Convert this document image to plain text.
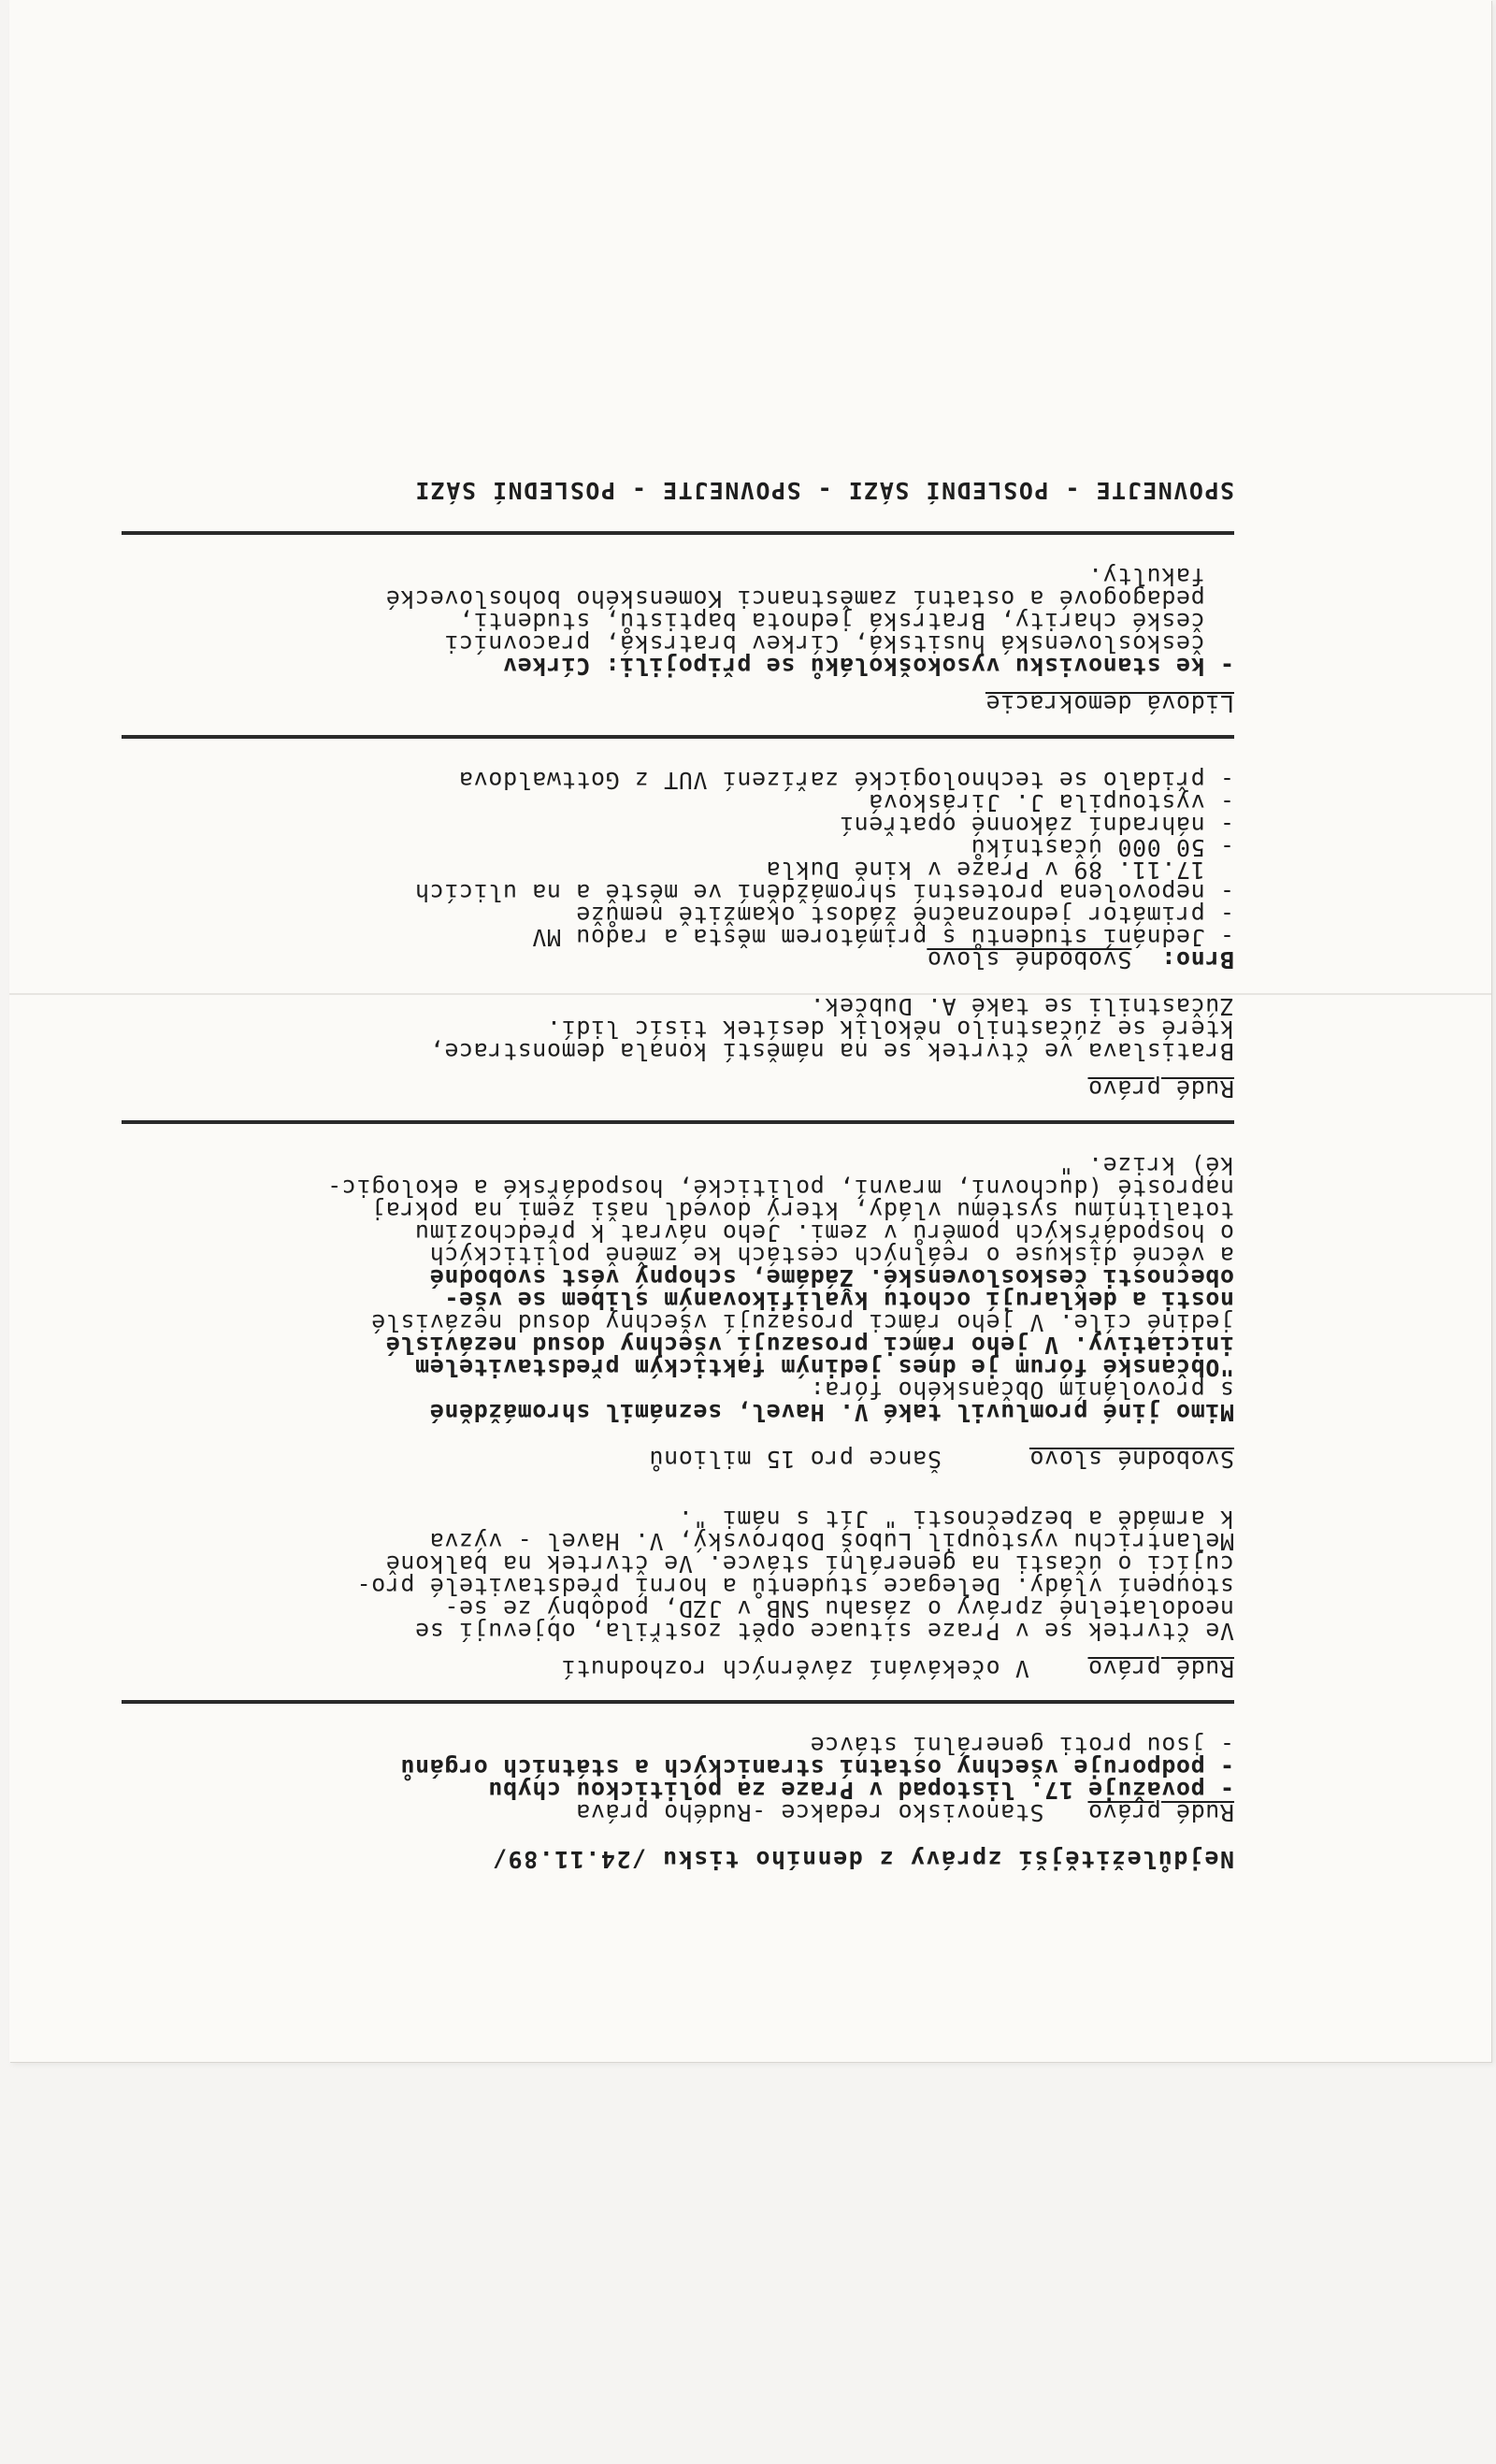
Nejdůležitější zprávy z denního tisku /24.11.89/
Rudé právo   Stanovisko redakce -Rudého práva
- považuje 17. listopad v Praze za politickou chybu
- podporuje všechny ostatní stranických a státních orgánů
- jsou proti generální stávce
Rudé právo    V očekávání závěrných rozhodnutí
Ve čtvrtek se v Praze situace opět zostřila, objevují se
neodolatelné zprávy o zásahu SNB v JZD, podobný ze se-
stoupení vlády. Delegace studentů a horní představitelé pro-
cujíci o účasti na generální stávce. Ve čtvrtek na balkoně
Melantrichu vystoupil Luboš Dobrovský, V. Havel - výzva
k armádě a bezpečnosti " Jít s námi ".
Svobodné slovo      Šance pro 15 milionů
Mimo jiné promluvil také V. Havel, seznámil shromážděné
s provoláním Občanského fóra:
"Občanské fórum je dnes jediným faktickým představitelem
iniciativy. V jeho rámci prosazují všechny dosud nezávislé
jediné cíle. V jeho rámci prosazují všechny dosud nezávislé
nosti a deklarují ochotu kvalifikovaným slibem se vše-
obecnosti československé. Žádáme, schopný vést svobodné
a věcné diskuse o reálných cestách ke změně politických
o hospodářských poměrů v zemi. Jeho návrat k předchozímu
totalitnímu systému vlády, který dovedl naši zemi na pokraj
naprosté (duchovní, mravní, politické, hospodářské a ekologic-
ké) krize. "
Rudé právo
Bratislava ve čtvrtek se na náměstí konala demonstrace,
které se zúčastnilo několik desítek tisíc lidí.
Zúčastnili se také A. Dubček.
Brno:  Svobodné slovo
- Jednání studentů s primátorem města a radou MV
- primátor jednoznačně žádost okamžitě nemůže
- nepovolena protestní shromáždění ve městě a na ulicích
17.11. 89 v Praze v kině Dukla
- 50 000 účastníků
- náhradní zákonné opatření
- vystoupila J. Jirásková
- přidalo se technologické zařízení VUT z Gottwaldova
Lidová demokracie
- ke stanovisku vysokoškoláků se připojili: Církev
československá husitská, Církev bratrská, pracovníci
české charity, Bratrská jednota baptistů, studenti,
pedagogové a ostatní zaměstnanci Komenského bohoslovecké
fakulty.
SPOVNEJTE - POSLEDNÍ SÁZI - SPOVNEJTE - POSLEDNÍ SÁZI
